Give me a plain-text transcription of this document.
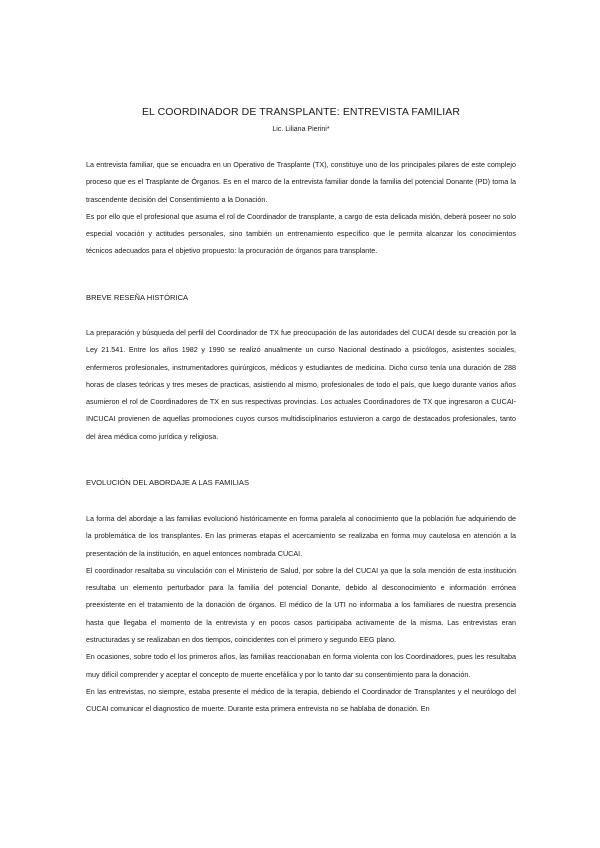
EL COORDINADOR DE TRANSPLANTE: ENTREVISTA FAMILIAR

Lic. Liliana Pierini*

La entrevista familiar, que se encuadra en un Operativo de Trasplante (TX), constituye uno de los principales pilares de este complejo proceso que es el Trasplante de Órganos. Es en el marco de la entrevista familiar donde la familia del potencial Donante (PD) toma la trascendente decisión del Consentimiento a la Donación.

Es por ello que el profesional que asuma el rol de Coordinador de transplante, a cargo de esta delicada misión, deberá poseer no solo especial vocación y actitudes personales, sino también un entrenamiento específico que le permita alcanzar los conocimientos técnicos adecuados para el objetivo propuesto: la procuración de órganos para transplante.

BREVE RESEÑA HISTÓRICA

La preparación y búsqueda del perfil del Coordinador de TX fue preocupación de las autoridades del CUCAI desde su creación por la Ley 21.541. Entre los años 1982 y 1990 se realizó anualmente un curso Nacional destinado a psicólogos, asistentes sociales, enfermeros profesionales, instrumentadores quirúrgicos, médicos y estudiantes de medicina. Dicho curso tenía una duración de 288 horas de clases teóricas y tres meses de practicas, asistiendo al mismo, profesionales de todo el país, que luego durante varios años asumieron el rol de Coordinadores de TX en sus respectivas provincias. Los actuales Coordinadores de TX que ingresaron a CUCAI-INCUCAI provienen de aquellas promociones cuyos cursos multidisciplinarios estuvieron a cargo de destacados profesionales, tanto del área médica como jurídica y religiosa.

EVOLUCIÓN DEL ABORDAJE A LAS FAMILIAS

La forma del abordaje a las familias evolucionó históricamente en forma paralela al conocimiento que la población fue adquiriendo de la problemática de los transplantes. En las primeras etapas el acercamiento se realizaba en forma muy cautelosa en atención a la presentación de la institución, en aquel entonces nombrada CUCAI.

El coordinador resaltaba su vinculación con el Ministerio de Salud, por sobre la del CUCAI ya que la sola mención de esta institución resultaba un elemento perturbador para la familia del potencial Donante, debido al desconocimiento e información errónea preexistente en el tratamiento de la donación de órganos. El médico de la UTI no informaba a los familiares de nuestra presencia hasta que llegaba el momento de la entrevista y en pocos casos participaba activamente de la misma. Las entrevistas eran estructuradas y se realizaban en dos tiempos, coincidentes con el primero y segundo EEG plano.

En ocasiones, sobre todo el los primeros años, las familias reaccionaban en forma violenta con los Coordinadores, pues les resultaba muy difícil comprender y aceptar el concepto de muerte encefálica y por lo tanto dar su consentimiento para la donación.

En las entrevistas, no siempre, estaba presente el médico de la terapia, debiendo el Coordinador de Transplantes y el neurólogo del CUCAI comunicar el diagnostico de muerte. Durante esta primera entrevista no se hablaba de donación. En
